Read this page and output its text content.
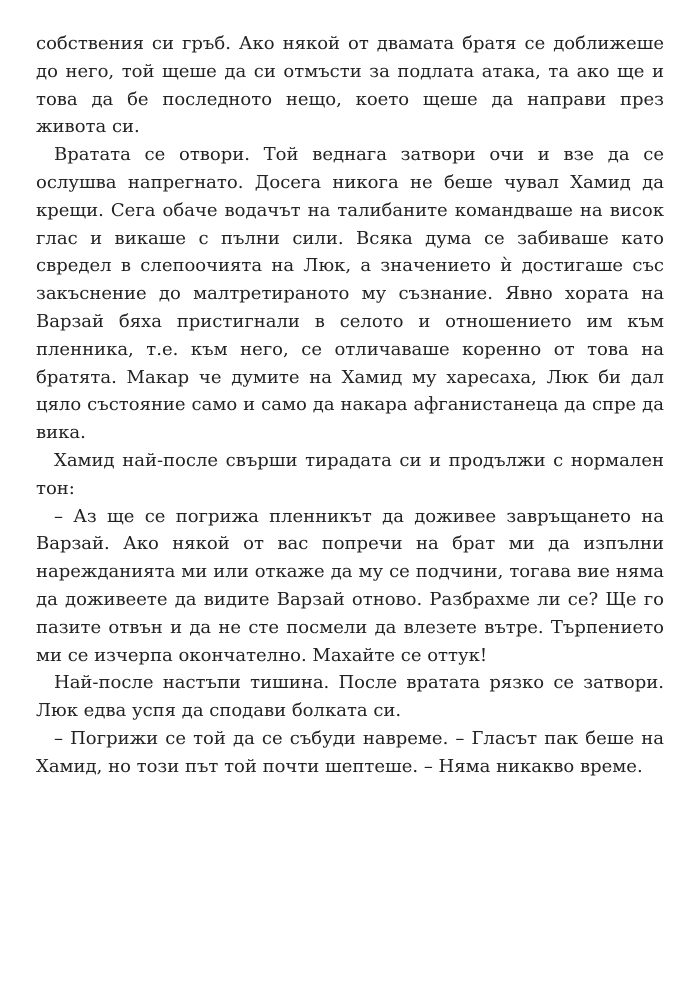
собствения си гръб. Ако някой от двамата братя се доближеше до него, той щеше да си отмъсти за подлата атака, та ако ще и това да бе последното нещо, което щеше да направи през живота си.

Вратата се отвори. Той веднага затвори очи и взе да се ослушва напрегнато. Досега никога не беше чувал Хамид да крещи. Сега обаче водачът на талибаните командваше на висок глас и викаше с пълни сили. Всяка дума се забиваше като свредел в слепоочията на Люк, а значението ѝ достигаше със закъснение до малтретираното му съзнание. Явно хората на Варзай бяха пристигнали в селото и отношението им към пленника, т.е. към него, се отличаваше коренно от това на братята. Макар че думите на Хамид му харесаха, Люк би дал цяло състояние само и само да накара афганистанеца да спре да вика.

Хамид най-после свърши тирадата си и продължи с нормален тон:

– Аз ще се погрижа пленникът да доживее завръщането на Варзай. Ако някой от вас попречи на брат ми да изпълни нарежданията ми или откаже да му се подчини, тогава вие няма да доживеете да видите Варзай отново. Разбрахме ли се? Ще го пазите отвън и да не сте посмели да влезете вътре. Търпението ми се изчерпа окончателно. Махайте се оттук!

Най-после настъпи тишина. После вратата рязко се затвори. Люк едва успя да сподави болката си.

– Погрижи се той да се събуди навреме. – Гласът пак беше на Хамид, но този път той почти шептеше. – Няма никакво време.
